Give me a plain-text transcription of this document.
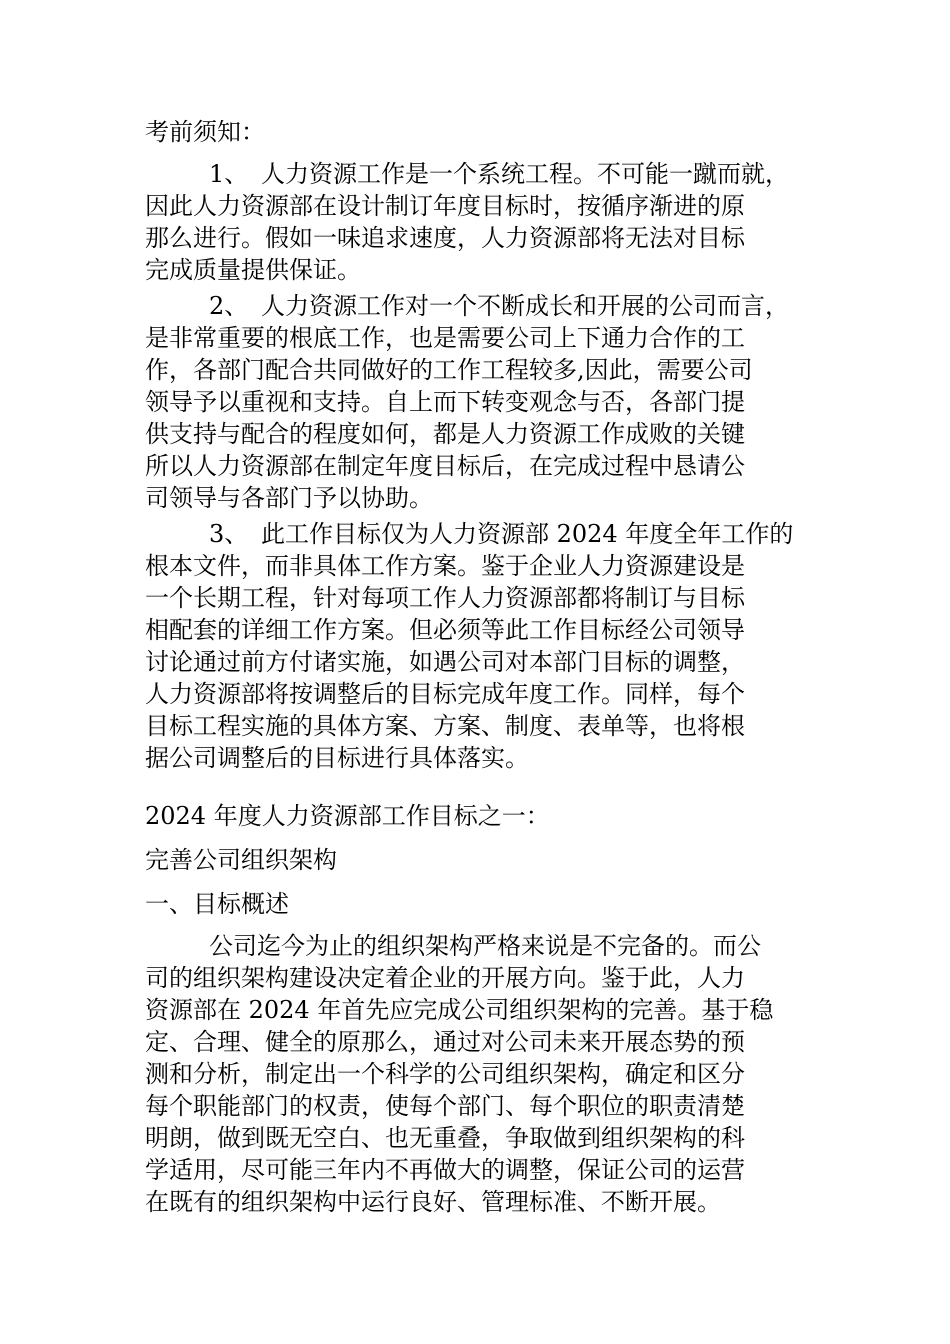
考前须知：
1、 人力资源工作是一个系统工程。不可能一蹴而就，
因此人力资源部在设计制订年度目标时，按循序渐进的原
那么进行。假如一味追求速度，人力资源部将无法对目标
完成质量提供保证。
2、 人力资源工作对一个不断成长和开展的公司而言，
是非常重要的根底工作，也是需要公司上下通力合作的工
作，各部门配合共同做好的工作工程较多,因此，需要公司
领导予以重视和支持。自上而下转变观念与否，各部门提
供支持与配合的程度如何，都是人力资源工作成败的关键
所以人力资源部在制定年度目标后，在完成过程中恳请公
司领导与各部门予以协助。
3、 此工作目标仅为人力资源部 2024 年度全年工作的
根本文件，而非具体工作方案。鉴于企业人力资源建设是
一个长期工程，针对每项工作人力资源部都将制订与目标
相配套的详细工作方案。但必须等此工作目标经公司领导
讨论通过前方付诸实施，如遇公司对本部门目标的调整，
人力资源部将按调整后的目标完成年度工作。同样，每个
目标工程实施的具体方案、方案、制度、表单等，也将根
据公司调整后的目标进行具体落实。
2024 年度人力资源部工作目标之一：
完善公司组织架构
一、目标概述
公司迄今为止的组织架构严格来说是不完备的。而公
司的组织架构建设决定着企业的开展方向。鉴于此，人力
资源部在 2024 年首先应完成公司组织架构的完善。基于稳
定、合理、健全的原那么，通过对公司未来开展态势的预
测和分析，制定出一个科学的公司组织架构，确定和区分
每个职能部门的权责，使每个部门、每个职位的职责清楚
明朗，做到既无空白、也无重叠，争取做到组织架构的科
学适用，尽可能三年内不再做大的调整，保证公司的运营
在既有的组织架构中运行良好、管理标准、不断开展。
